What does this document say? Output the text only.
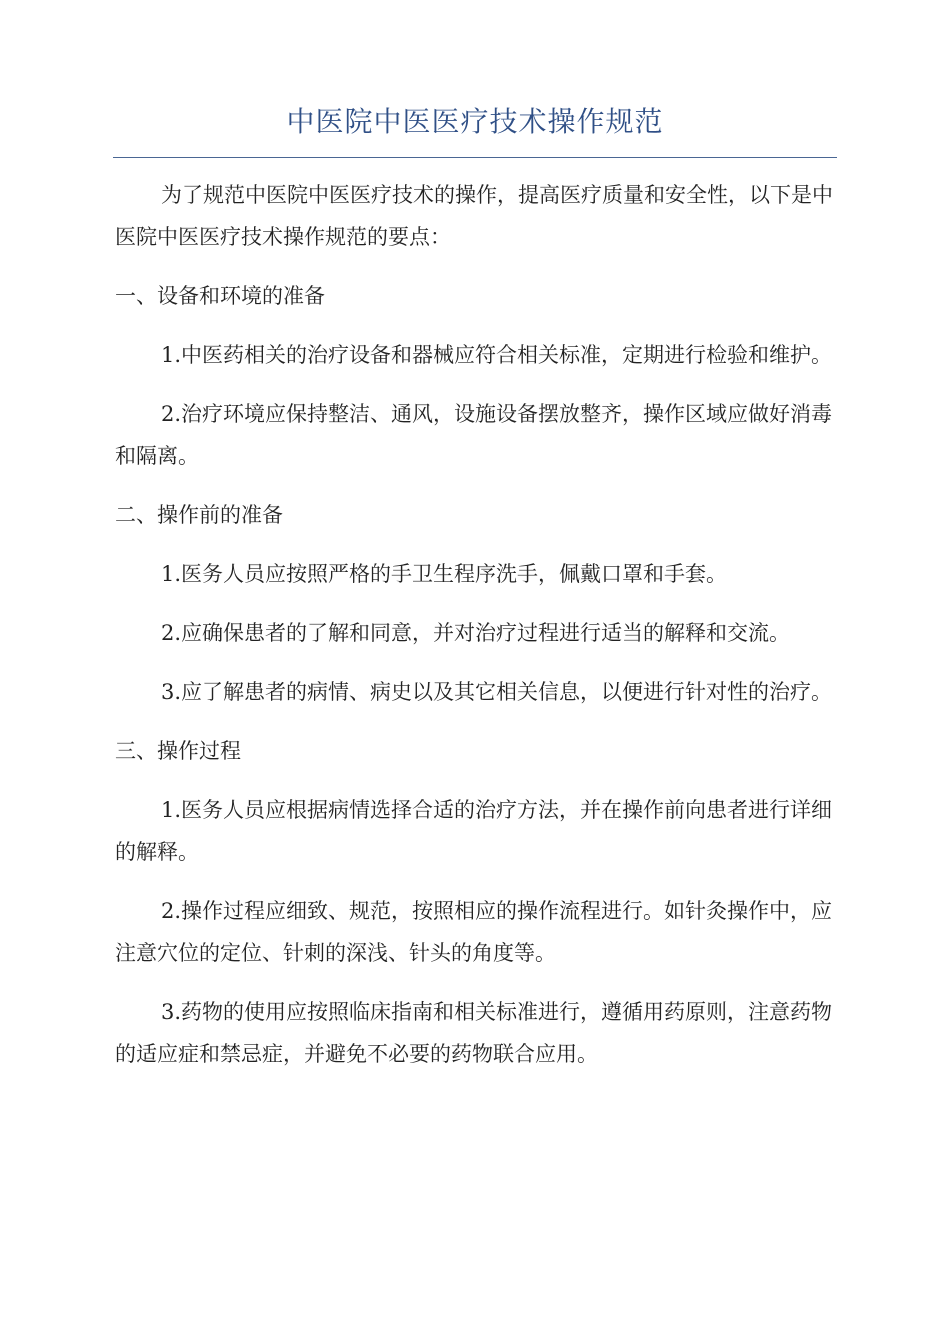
中医院中医医疗技术操作规范

为了规范中医院中医医疗技术的操作，提高医疗质量和安全性，以下是中医院中医医疗技术操作规范的要点：

一、设备和环境的准备

1.中医药相关的治疗设备和器械应符合相关标准，定期进行检验和维护。

2.治疗环境应保持整洁、通风，设施设备摆放整齐，操作区域应做好消毒和隔离。

二、操作前的准备

1.医务人员应按照严格的手卫生程序洗手，佩戴口罩和手套。

2.应确保患者的了解和同意，并对治疗过程进行适当的解释和交流。

3.应了解患者的病情、病史以及其它相关信息，以便进行针对性的治疗。

三、操作过程

1.医务人员应根据病情选择合适的治疗方法，并在操作前向患者进行详细的解释。

2.操作过程应细致、规范，按照相应的操作流程进行。如针灸操作中，应注意穴位的定位、针刺的深浅、针头的角度等。

3.药物的使用应按照临床指南和相关标准进行，遵循用药原则，注意药物的适应症和禁忌症，并避免不必要的药物联合应用。
